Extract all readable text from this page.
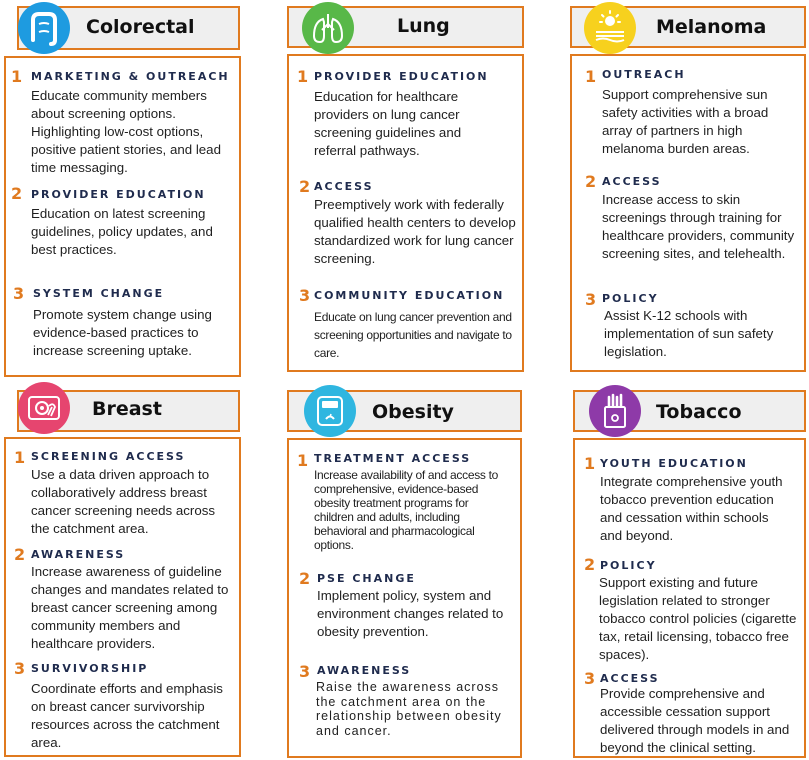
Colorectal
1 MARKETING & OUTREACH
Educate community members about screening options. Highlighting low-cost options, positive patient stories, and lead time messaging.
2 PROVIDER EDUCATION
Education on latest screening guidelines, policy updates, and best practices.
3 SYSTEM CHANGE
Promote system change using evidence-based practices to increase screening uptake.
Lung
1 PROVIDER EDUCATION
Education for healthcare providers on lung cancer screening guidelines and referral pathways.
2 ACCESS
Preemptively work with federally qualified health centers to develop standardized work for lung cancer screening.
3 COMMUNITY EDUCATION
Educate on lung cancer prevention and screening opportunities and navigate to care.
Melanoma
1 OUTREACH
Support comprehensive sun safety activities with a broad array of partners in high melanoma burden areas.
2 ACCESS
Increase access to skin screenings through training for healthcare providers, community screening sites, and telehealth.
3 POLICY
Assist K-12 schools with implementation of sun safety legislation.
Breast
1 SCREENING ACCESS
Use a data driven approach to collaboratively address breast cancer screening needs across the catchment area.
2 AWARENESS
Increase awareness of guideline changes and mandates related to breast cancer screening among community members and healthcare providers.
3 SURVIVORSHIP
Coordinate efforts and emphasis on breast cancer survivorship resources across the catchment area.
Obesity
1 TREATMENT ACCESS
Increase availability of and access to comprehensive, evidence-based obesity treatment programs for children and adults, including behavioral and pharmacological options.
2 PSE CHANGE
Implement policy, system and environment changes related to obesity prevention.
3 AWARENESS
Raise the awareness across the catchment area on the relationship between obesity and cancer.
Tobacco
1 YOUTH EDUCATION
Integrate comprehensive youth tobacco prevention education and cessation within schools and beyond.
2 POLICY
Support existing and future legislation related to stronger tobacco control policies (cigarette tax, retail licensing, tobacco free spaces).
3 ACCESS
Provide comprehensive and accessible cessation support delivered through models in and beyond the clinical setting.
